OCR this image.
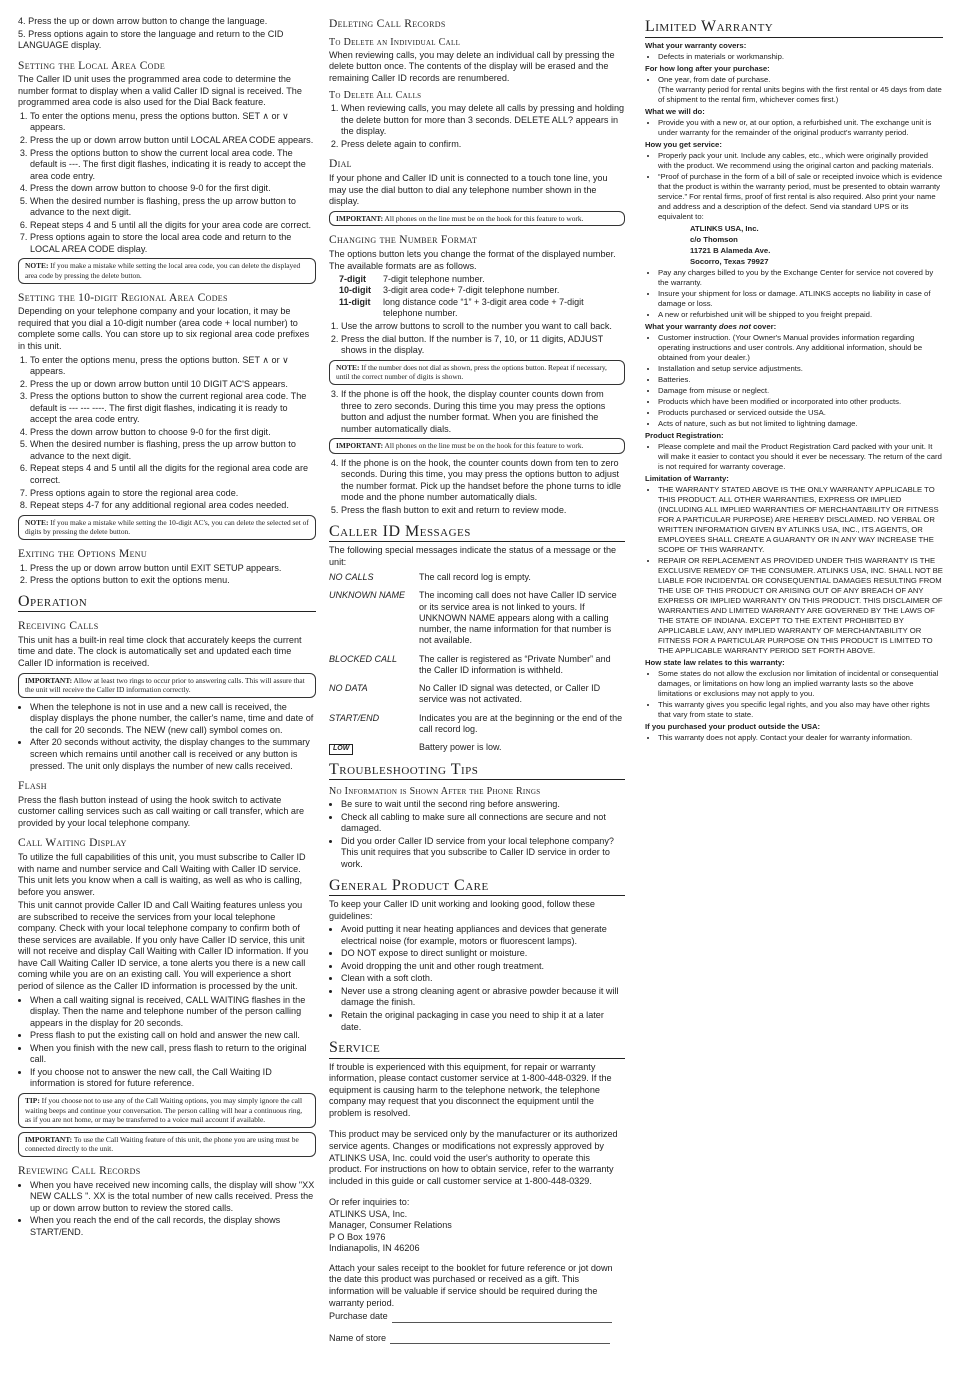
4. Press the up or down arrow button to change the language.
5. Press options again to store the language and return to the CID LANGUAGE display.
Setting the Local Area Code

The Caller ID unit uses the programmed area code to determine the number format to display when a valid Caller ID signal is received. The programmed area code is also used for the Dial Back feature.

1. To enter the options menu, press the options button. SET ∧ or ∨ appears.
2. Press the up or down arrow button until LOCAL AREA CODE appears.
3. Press the options button to show the current local area code. The default is ---. The first digit flashes, indicating it is ready to accept the area code entry.
4. Press the down arrow button to choose 9-0 for the first digit.
5. When the desired number is flashing, press the up arrow button to advance to the next digit.
6. Repeat steps 4 and 5 until all the digits for your area code are correct.
7. Press options again to store the local area code and return to the LOCAL AREA CODE display.
NOTE: If you make a mistake while setting the local area code, you can delete the displayed area code by pressing the delete button.
Setting the 10-digit Regional Area Codes

Depending on your telephone company and your location, it may be required that you dial a 10-digit number (area code + local number) to complete some calls. You can store up to six regional area code prefixes in this unit.

1. To enter the options menu, press the options button. SET ∧ or ∨ appears.
2. Press the up or down arrow button until 10 DIGIT AC'S appears.
3. Press the options button to show the current regional area code. The default is --- --- ----. The first digit flashes, indicating it is ready to accept the area code entry.
4. Press the down arrow button to choose 9-0 for the first digit.
5. When the desired number is flashing, press the up arrow button to advance to the next digit.
6. Repeat steps 4 and 5 until all the digits for the regional area code are correct.
7. Press options again to store the regional area code.
8. Repeat steps 4-7 for any additional regional area codes needed.
NOTE: If you make a mistake while setting the 10-digit AC's, you can delete the selected set of digits by pressing the delete button.
Exiting the Options Menu
1. Press the up or down arrow button until EXIT SETUP appears.
2. Press the options button to exit the options menu.
Operation
Receiving Calls

This unit has a built-in real time clock that accurately keeps the current time and date. The clock is automatically set and updated each time Caller ID information is received.

IMPORTANT: Allow at least two rings to occur prior to answering calls. This will assure that the unit will receive the Caller ID information correctly.
• When the telephone is not in use and a new call is received, the display displays the phone number, the caller's name, time and date of the call for 20 seconds. The NEW (new call) symbol comes on.
• After 20 seconds without activity, the display changes to the summary screen which remains until another call is received or any button is pressed. The unit only displays the number of new calls received.
Flash

Press the flash button instead of using the hook switch to activate customer calling services such as call waiting or call transfer, which are provided by your local telephone company.

Call Waiting Display

To utilize the full capabilities of this unit, you must subscribe to Caller ID with name and number service and Call Waiting with Caller ID service. This unit lets you know when a call is waiting, as well as who is calling, before you answer.

This unit cannot provide Caller ID and Call Waiting features unless you are subscribed to receive the services from your local telephone company. Check with your local telephone company to confirm both of these services are available. If you only have Caller ID service, this unit will not receive and display Call Waiting with Caller ID information. If you have Call Waiting Caller ID service, a tone alerts you there is a new call coming while you are on an existing call. You will experience a short period of silence as the Caller ID information is processed by the unit.

• When a call waiting signal is received, CALL WAITING flashes in the display. Then the name and telephone number of the person calling appears in the display for 20 seconds.
• Press flash to put the existing call on hold and answer the new call.
• When you finish with the new call, press flash to return to the original call.
• If you choose not to answer the new call, the Call Waiting ID information is stored for future reference.
TIP: If you choose not to use any of the Call Waiting options, you may simply ignore the call waiting beeps and continue your conversation. The person calling will hear a continuous ring, as if you are not home, or may be transferred to a voice mail account if available.
IMPORTANT: To use the Call Waiting feature of this unit, the phone you are using must be connected directly to the unit.
Reviewing Call Records
• When you have received new incoming calls, the display will show "XX NEW CALLS ". XX is the total number of new calls received. Press the up or down arrow button to review the stored calls.
• When you reach the end of the call records, the display shows START/END.
Deleting Call Records
To Delete an Individual Call

When reviewing calls, you may delete an individual call by pressing the delete button once. The contents of the display will be erased and the remaining Caller ID records are renumbered.

To Delete All Calls
1. When reviewing calls, you may delete all calls by pressing and holding the delete button for more than 3 seconds. DELETE ALL? appears in the display.
2. Press delete again to confirm.
Dial

If your phone and Caller ID unit is connected to a touch tone line, you may use the dial button to dial any telephone number shown in the display.

IMPORTANT: All phones on the line must be on the hook for this feature to work.
Changing the Number Format

The options button lets you change the format of the displayed number. The available formats are as follows.

7-digit	7-digit telephone number.
10-digit	3-digit area code+ 7-digit telephone number.
11-digit	long distance code “1” + 3-digit area code + 7-digit telephone number.
1. Use the arrow buttons to scroll to the number you want to call back.
2. Press the dial button. If the number is 7, 10, or 11 digits, ADJUST shows in the display.
NOTE: If the number does not dial as shown, press the options button. Repeat if necessary, until the correct number of digits is shown.
3. If the phone is off the hook, the display counter counts down from three to zero seconds. During this time you may press the options button and adjust the number format. When you are finished the number automatically dials.
IMPORTANT: All phones on the line must be on the hook for this feature to work.
4. If the phone is on the hook, the counter counts down from ten to zero seconds. During this time, you may press the options button to adjust the number format. Pick up the handset before the phone turns to idle mode and the phone number automatically dials.
5. Press the flash button to exit and return to review mode.
Caller ID Messages

The following special messages indicate the status of a message or the unit:

NO CALLS	The call record log is empty.
UNKNOWN NAME	The incoming call does not have Caller ID service or its service area is not linked to yours. If UNKNOWN NAME appears along with a calling number, the name information for that number is not available.
BLOCKED CALL	The caller is registered as “Private Number” and the Caller ID information is withheld.
NO DATA	No Caller ID signal was detected, or Caller ID service was not activated.
START/END	Indicates you are at the beginning or the end of the call record log.
LOW	Battery power is low.
Troubleshooting Tips
No Information is Shown After the Phone Rings
• Be sure to wait until the second ring before answering.
• Check all cabling to make sure all connections are secure and not damaged.
• Did you order Caller ID service from your local telephone company? This unit requires that you subscribe to Caller ID service in order to work.
General Product Care

To keep your Caller ID unit working and looking good, follow these guidelines:

• Avoid putting it near heating appliances and devices that generate electrical noise (for example, motors or fluorescent lamps).
• DO NOT expose to direct sunlight or moisture.
• Avoid dropping the unit and other rough treatment.
• Clean with a soft cloth.
• Never use a strong cleaning agent or abrasive powder because it will damage the finish.
• Retain the original packaging in case you need to ship it at a later date.
Service

If trouble is experienced with this equipment, for repair or warranty information, please contact customer service at 1-800-448-0329. If the equipment is causing harm to the telephone network, the telephone company may request that you disconnect the equipment until the problem is resolved.

This product may be serviced only by the manufacturer or its authorized service agents. Changes or modifications not expressly approved by ATLINKS USA, Inc. could void the user's authority to operate this product. For instructions on how to obtain service, refer to the warranty included in this guide or call customer service at 1-800-448-0329.

Or refer inquiries to:

ATLINKS USA, Inc.

Manager, Consumer Relations

P O Box 1976

Indianapolis, IN 46206

Attach your sales receipt to the booklet for future reference or jot down the date this product was purchased or received as a gift. This information will be valuable if service should be required during the warranty period.

Purchase date

Name of store

Limited Warranty
What your warranty covers:
• Defects in materials or workmanship.
For how long after your purchase:
• One year, from date of purchase.
(The warranty period for rental units begins with the first rental or 45 days from date of shipment to the rental firm, whichever comes first.)
What we will do:
• Provide you with a new or, at our option, a refurbished unit. The exchange unit is under warranty for the remainder of the original product's warranty period.
How you get service:
• Properly pack your unit. Include any cables, etc., which were originally provided with the product. We recommend using the original carton and packing materials.
• “Proof of purchase in the form of a bill of sale or receipted invoice which is evidence that the product is within the warranty period, must be presented to obtain warranty service.” For rental firms, proof of first rental is also required. Also print your name and address and a description of the defect. Send via standard UPS or its equivalent to:
ATLINKS USA, Inc.
c/o Thomson
11721 B Alameda Ave.
Socorro, Texas 79927
• Pay any charges billed to you by the Exchange Center for service not covered by the warranty.
• Insure your shipment for loss or damage. ATLINKS accepts no liability in case of damage or loss.
• A new or refurbished unit will be shipped to you freight prepaid.
What your warranty does not cover:
• Customer instruction. (Your Owner's Manual provides information regarding operating instructions and user controls. Any additional information, should be obtained from your dealer.)
• Installation and setup service adjustments.
• Batteries.
• Damage from misuse or neglect.
• Products which have been modified or incorporated into other products.
• Products purchased or serviced outside the USA.
• Acts of nature, such as but not limited to lightning damage.
Product Registration:
• Please complete and mail the Product Registration Card packed with your unit. It will make it easier to contact you should it ever be necessary. The return of the card is not required for warranty coverage.
Limitation of Warranty:
• THE WARRANTY STATED ABOVE IS THE ONLY WARRANTY APPLICABLE TO THIS PRODUCT. ALL OTHER WARRANTIES, EXPRESS OR IMPLIED (INCLUDING ALL IMPLIED WARRANTIES OF MERCHANTABILITY OR FITNESS FOR A PARTICULAR PURPOSE) ARE HEREBY DISCLAIMED. NO VERBAL OR WRITTEN INFORMATION GIVEN BY ATLINKS USA, INC., ITS AGENTS, OR EMPLOYEES SHALL CREATE A GUARANTY OR IN ANY WAY INCREASE THE SCOPE OF THIS WARRANTY.
• REPAIR OR REPLACEMENT AS PROVIDED UNDER THIS WARRANTY IS THE EXCLUSIVE REMEDY OF THE CONSUMER. ATLINKS USA, INC. SHALL NOT BE LIABLE FOR INCIDENTAL OR CONSEQUENTIAL DAMAGES RESULTING FROM THE USE OF THIS PRODUCT OR ARISING OUT OF ANY BREACH OF ANY EXPRESS OR IMPLIED WARRANTY ON THIS PRODUCT. THIS DISCLAIMER OF WARRANTIES AND LIMITED WARRANTY ARE GOVERNED BY THE LAWS OF THE STATE OF INDIANA. EXCEPT TO THE EXTENT PROHIBITED BY APPLICABLE LAW, ANY IMPLIED WARRANTY OF MERCHANTABILITY OR FITNESS FOR A PARTICULAR PURPOSE ON THIS PRODUCT IS LIMITED TO THE APPLICABLE WARRANTY PERIOD SET FORTH ABOVE.
How state law relates to this warranty:
• Some states do not allow the exclusion nor limitation of incidental or consequential damages, or limitations on how long an implied warranty lasts so the above limitations or exclusions may not apply to you.
• This warranty gives you specific legal rights, and you also may have other rights that vary from state to state.
If you purchased your product outside the USA:
• This warranty does not apply. Contact your dealer for warranty information.
